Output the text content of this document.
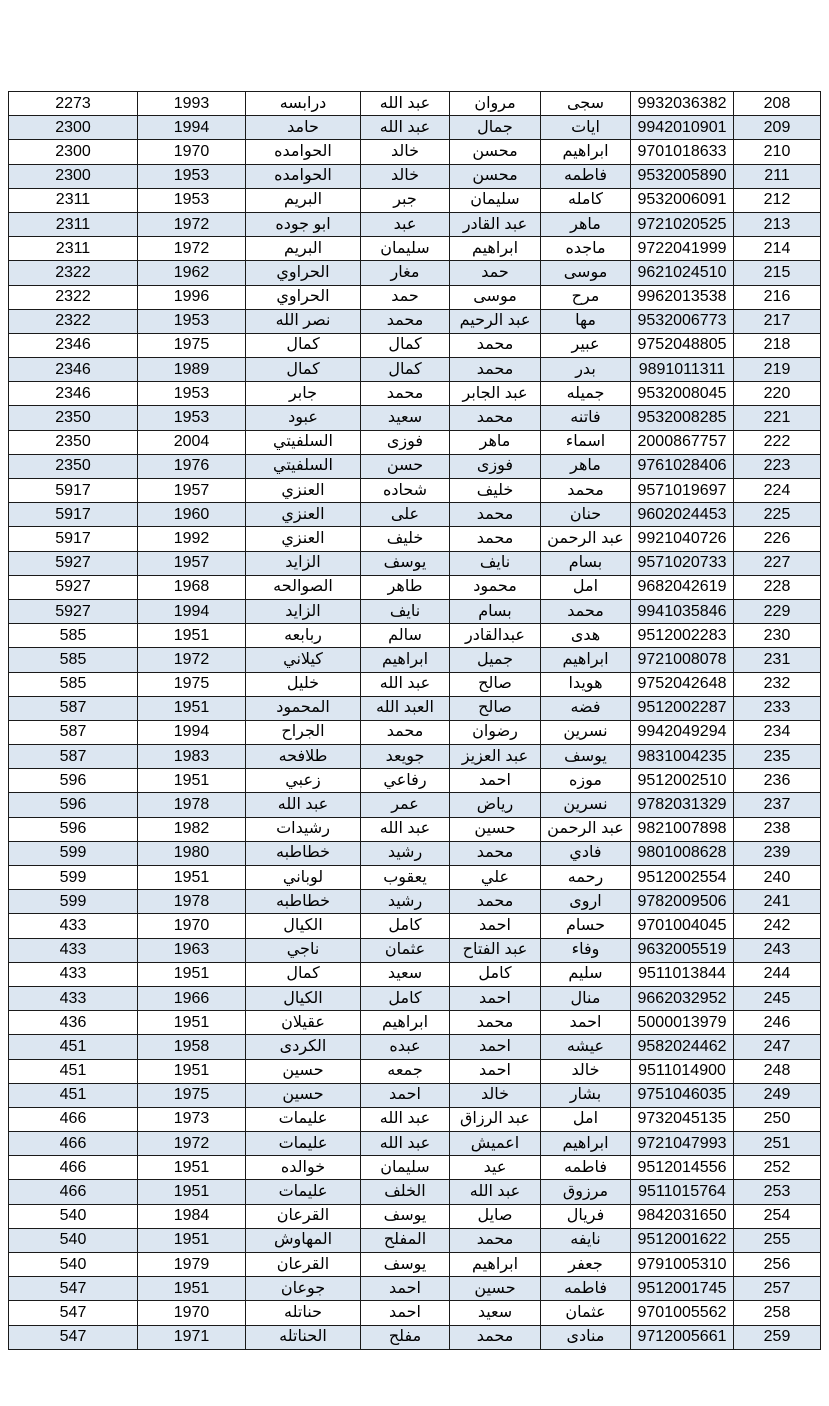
2273	1993	درابسه	عبد الله	مروان	سجى	9932036382	208
2300	1994	حامد	عبد الله	جمال	ايات	9942010901	209
2300	1970	الحوامده	خالد	محسن	ابراهيم	9701018633	210
2300	1953	الحوامده	خالد	محسن	فاطمه	9532005890	211
2311	1953	البريم	جبر	سليمان	كامله	9532006091	212
2311	1972	ابو جوده	عبد	عبد القادر	ماهر	9721020525	213
2311	1972	البريم	سليمان	ابراهيم	ماجده	9722041999	214
2322	1962	الحراوي	مغار	حمد	موسى	9621024510	215
2322	1996	الحراوي	حمد	موسى	مرح	9962013538	216
2322	1953	نصر الله	محمد	عبد الرحيم	مها	9532006773	217
2346	1975	كمال	كمال	محمد	عبير	9752048805	218
2346	1989	كمال	كمال	محمد	بدر	9891011311	219
2346	1953	جابر	محمد	عبد الجابر	جميله	9532008045	220
2350	1953	عبود	سعيد	محمد	فاتنه	9532008285	221
2350	2004	السلفيتي	فوزى	ماهر	اسماء	2000867757	222
2350	1976	السلفيتي	حسن	فوزى	ماهر	9761028406	223
5917	1957	العنزي	شحاده	خليف	محمد	9571019697	224
5917	1960	العنزي	على	محمد	حنان	9602024453	225
5917	1992	العنزي	خليف	محمد	عبد الرحمن	9921040726	226
5927	1957	الزايد	يوسف	نايف	بسام	9571020733	227
5927	1968	الصوالحه	طاهر	محمود	امل	9682042619	228
5927	1994	الزايد	نايف	بسام	محمد	9941035846	229
585	1951	ربابعه	سالم	عبدالقادر	هدى	9512002283	230
585	1972	كيلاني	ابراهيم	جميل	ابراهيم	9721008078	231
585	1975	خليل	عبد الله	صالح	هويدا	9752042648	232
587	1951	المحمود	العبد الله	صالح	فضه	9512002287	233
587	1994	الجراح	محمد	رضوان	نسرين	9942049294	234
587	1983	طلافحه	جويعد	عبد العزيز	يوسف	9831004235	235
596	1951	زعبي	رفاعي	احمد	موزه	9512002510	236
596	1978	عبد الله	عمر	رياض	نسرين	9782031329	237
596	1982	رشيدات	عبد الله	حسين	عبد الرحمن	9821007898	238
599	1980	خطاطبه	رشيد	محمد	فادي	9801008628	239
599	1951	لوباني	يعقوب	علي	رحمه	9512002554	240
599	1978	خطاطبه	رشيد	محمد	اروى	9782009506	241
433	1970	الكيال	كامل	احمد	حسام	9701004045	242
433	1963	ناجي	عثمان	عبد الفتاح	وفاء	9632005519	243
433	1951	كمال	سعيد	كامل	سليم	9511013844	244
433	1966	الكيال	كامل	احمد	منال	9662032952	245
436	1951	عقيلان	ابراهيم	محمد	احمد	5000013979	246
451	1958	الكردى	عبده	احمد	عيشه	9582024462	247
451	1951	حسين	جمعه	احمد	خالد	9511014900	248
451	1975	حسين	احمد	خالد	بشار	9751046035	249
466	1973	عليمات	عبد الله	عبد الرزاق	امل	9732045135	250
466	1972	عليمات	عبد الله	اعميش	ابراهيم	9721047993	251
466	1951	خوالده	سليمان	عيد	فاطمه	9512014556	252
466	1951	عليمات	الخلف	عبد الله	مرزوق	9511015764	253
540	1984	القرعان	يوسف	صايل	فريال	9842031650	254
540	1951	المهاوش	المفلح	محمد	نايفه	9512001622	255
540	1979	القرعان	يوسف	ابراهيم	جعفر	9791005310	256
547	1951	جوعان	احمد	حسين	فاطمه	9512001745	257
547	1970	حناتله	احمد	سعيد	عثمان	9701005562	258
547	1971	الحناتله	مفلح	محمد	منادى	9712005661	259
